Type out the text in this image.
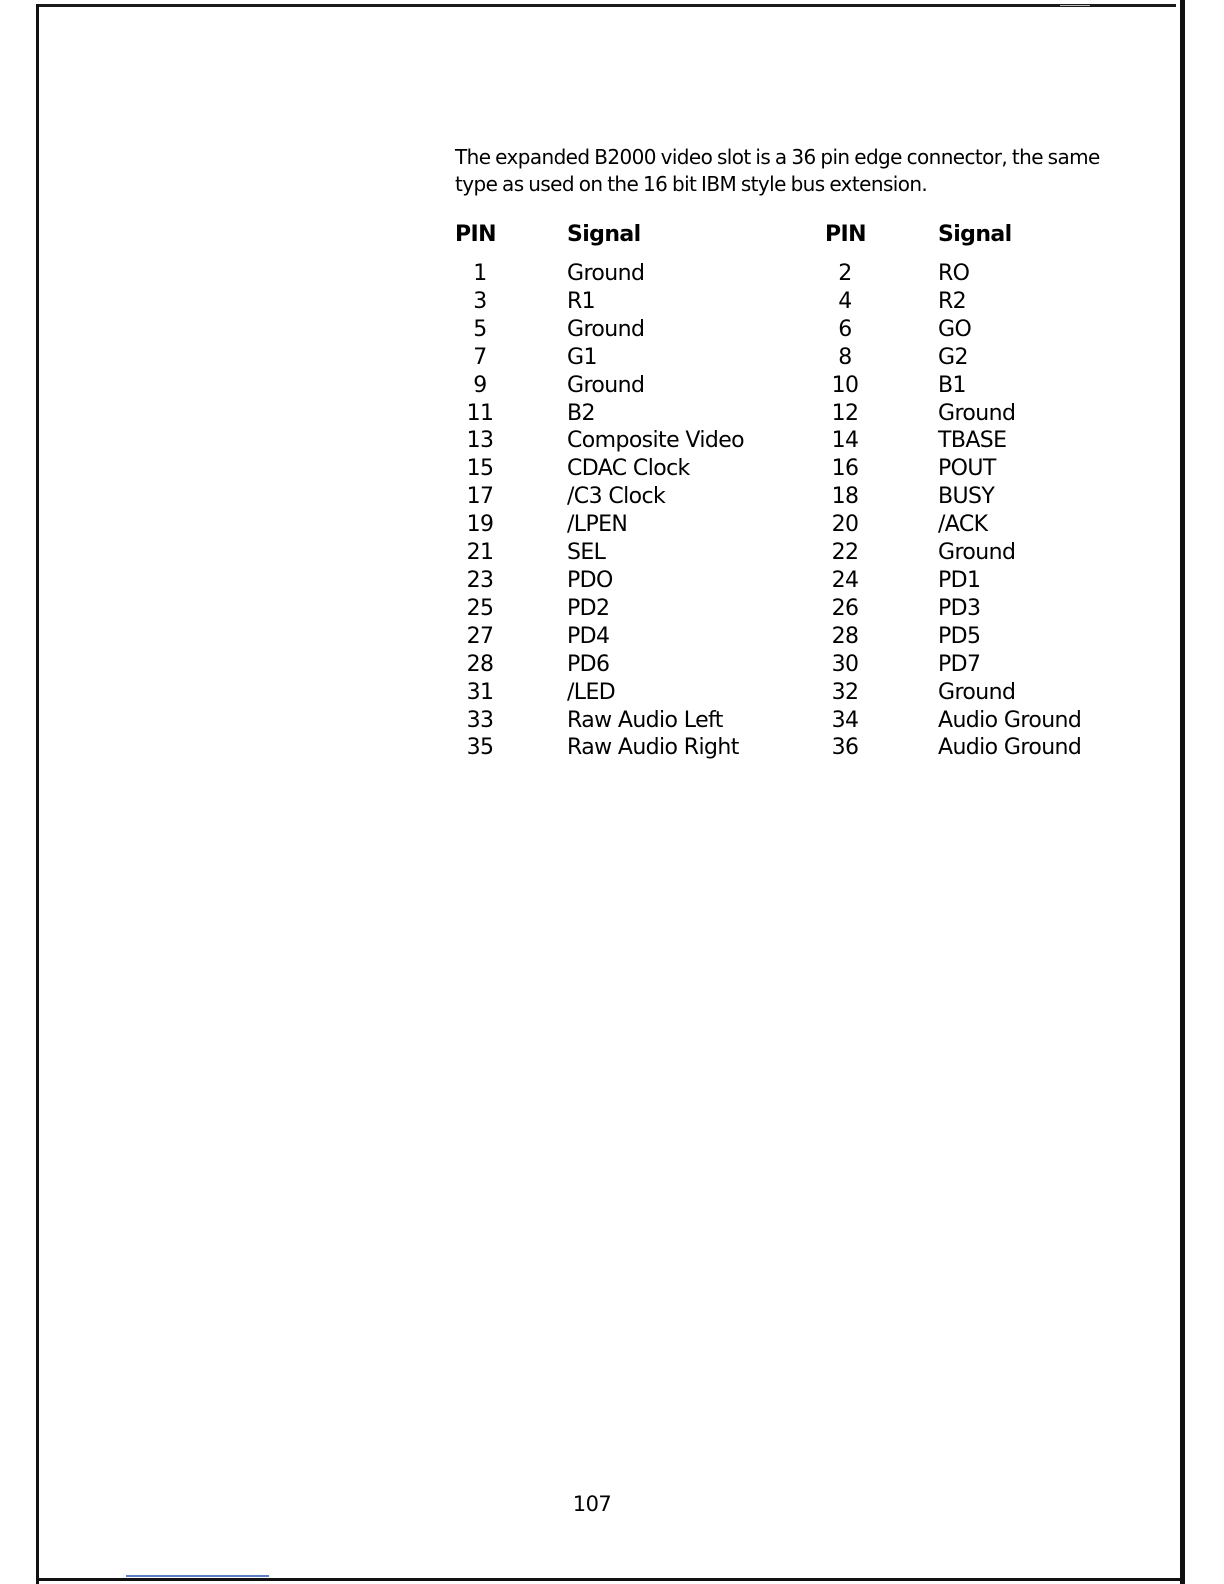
The expanded B2000 video slot is a 36 pin edge connector, the same type as used on the 16 bit IBM style bus extension.

PIN	Signal	PIN	Signal
1	Ground	2	RO
3	R1	4	R2
5	Ground	6	GO
7	G1	8	G2
9	Ground	10	B1
11	B2	12	Ground
13	Composite Video	14	TBASE
15	CDAC Clock	16	POUT
17	/C3 Clock	18	BUSY
19	/LPEN	20	/ACK
21	SEL	22	Ground
23	PDO	24	PD1
25	PD2	26	PD3
27	PD4	28	PD5
28	PD6	30	PD7
31	/LED	32	Ground
33	Raw Audio Left	34	Audio Ground
35	Raw Audio Right	36	Audio Ground
107
